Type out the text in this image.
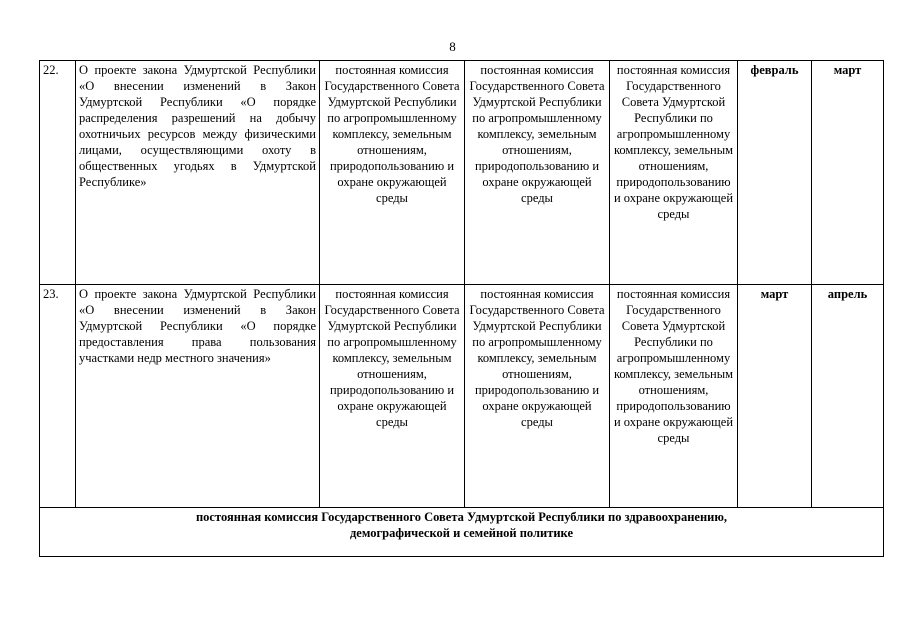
8
22.	О проекте закона Удмуртской Республики «О внесении изменений в Закон Удмуртской Республики «О порядке распределения разрешений на добычу охотничьих ресурсов между физическими лицами, осуществляющими охоту в общественных угодьях в Удмуртской Республике»	постоянная комиссия Государственного Совета Удмуртской Республики по агропромышленному комплексу, земельным отношениям, природопользованию и охране окружающей среды	постоянная комиссия Государственного Совета Удмуртской Республики по агропромышленному комплексу, земельным отношениям, природопользованию и охране окружающей среды	постоянная комиссия Государственного Совета Удмуртской Республики по агропромышленному комплексу, земельным отношениям, природопользованию и охране окружающей среды	февраль	март
23.	О проекте закона Удмуртской Республики «О внесении изменений в Закон Удмуртской Республики «О порядке предоставления права пользования участками недр местного значения»	постоянная комиссия Государственного Совета Удмуртской Республики по агропромышленному комплексу, земельным отношениям, природопользованию и охране окружающей среды	постоянная комиссия Государственного Совета Удмуртской Республики по агропромышленному комплексу, земельным отношениям, природопользованию и охране окружающей среды	постоянная комиссия Государственного Совета Удмуртской Республики по агропромышленному комплексу, земельным отношениям, природопользованию и охране окружающей среды	март	апрель

постоянная комиссия Государственного Совета Удмуртской Республики по здравоохранению,
демографической и семейной политике						
